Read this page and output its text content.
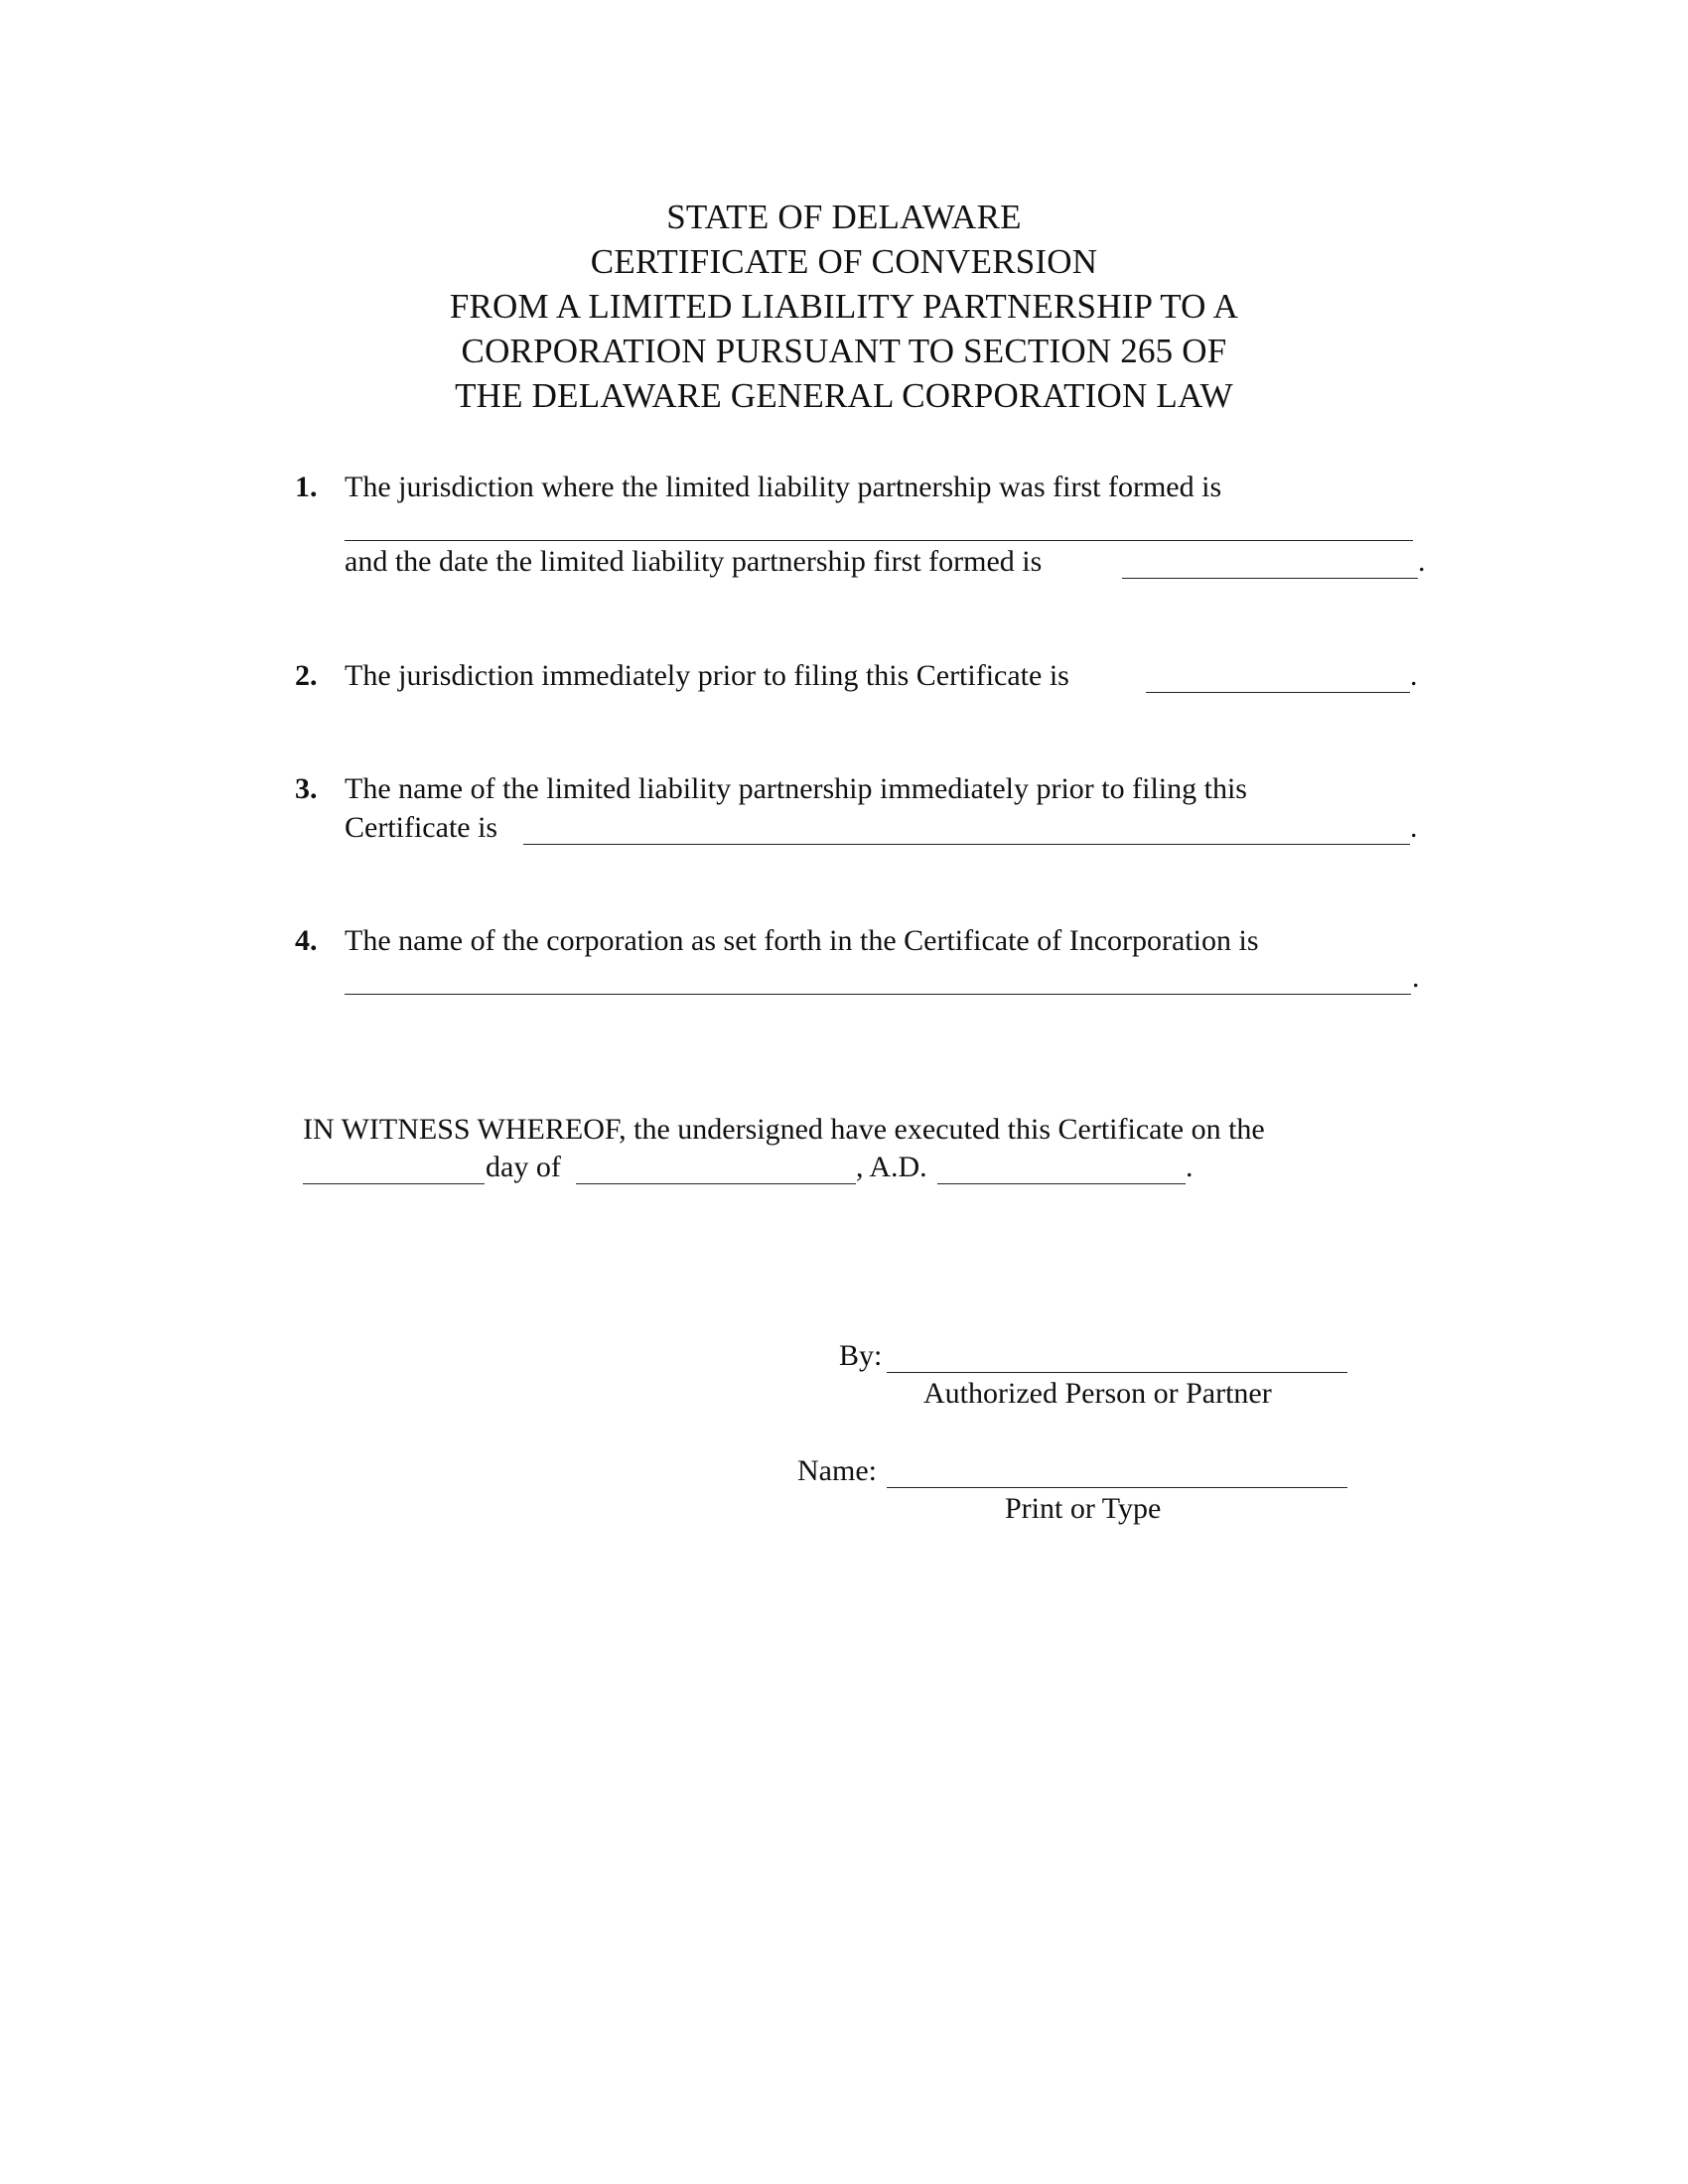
STATE OF DELAWARE
CERTIFICATE OF CONVERSION
FROM A LIMITED LIABILITY PARTNERSHIP TO A
CORPORATION PURSUANT TO SECTION 265 OF
THE DELAWARE GENERAL CORPORATION LAW
1. The jurisdiction where the limited liability partnership was first formed is
and the date the limited liability partnership first formed is	.
2. The jurisdiction immediately prior to filing this Certificate is	.
3. The name of the limited liability partnership immediately prior to filing this
Certificate is	.
4. The name of the corporation as set forth in the Certificate of Incorporation is
.
IN WITNESS WHEREOF, the undersigned have executed this Certificate on the
day of	, A.D.	.
By:
Authorized Person or Partner
Name:
Print or Type
